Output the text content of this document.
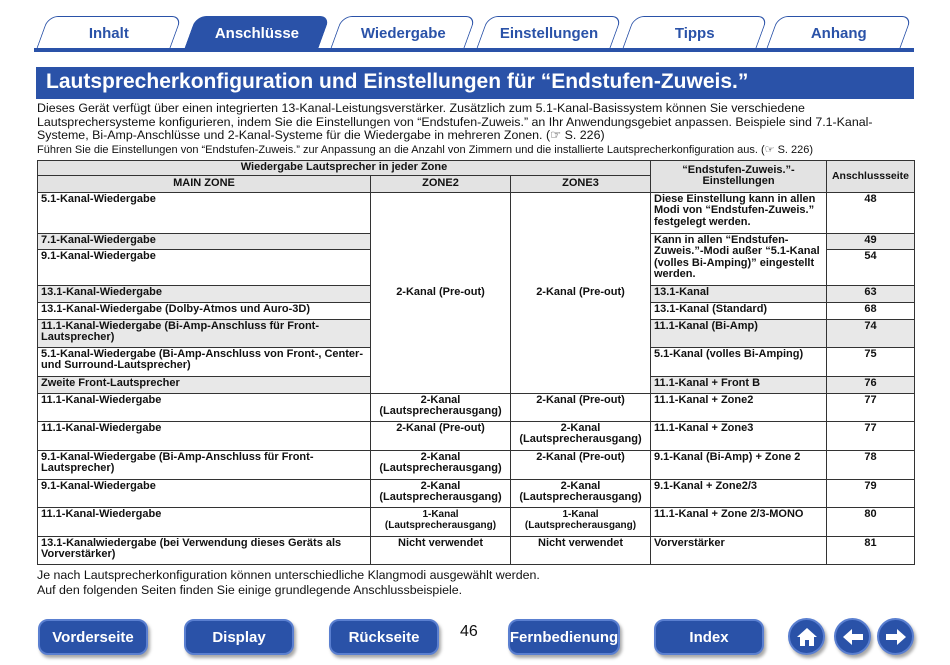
Inhalt	Anschlüsse	Wiedergabe	Einstellungen	Tipps	Anhang
Lautsprecherkonfiguration und Einstellungen für “Endstufen-Zuweis.”
Dieses Gerät verfügt über einen integrierten 13-Kanal-Leistungsverstärker. Zusätzlich zum 5.1-Kanal-Basissystem können Sie verschiedene Lautsprechersysteme konfigurieren, indem Sie die Einstellungen von “Endstufen-Zuweis.” an Ihr Anwendungsgebiet anpassen. Beispiele sind 7.1-Kanal-Systeme, Bi-Amp-Anschlüsse und 2-Kanal-Systeme für die Wiedergabe in mehreren Zonen. (☞ S. 226)
Führen Sie die Einstellungen von “Endstufen-Zuweis.” zur Anpassung an die Anzahl von Zimmern und die installierte Lautsprecherkonfiguration aus. (☞ S. 226)
Wiedergabe Lautsprecher in jeder Zone			“Endstufen-Zuweis.”-Einstellungen	Anschlussseite
MAIN ZONE	ZONE2	ZONE3		
5.1-Kanal-Wiedergabe	2-Kanal (Pre-out)	2-Kanal (Pre-out)	Diese Einstellung kann in allen Modi von “Endstufen-Zuweis.” festgelegt werden.	48
7.1-Kanal-Wiedergabe			Kann in allen “Endstufen-Zuweis.”-Modi außer “5.1-Kanal (volles Bi-Amping)” eingestellt werden.	49
9.1-Kanal-Wiedergabe				54
13.1-Kanal-Wiedergabe			13.1-Kanal	63
13.1-Kanal-Wiedergabe (Dolby-Atmos und Auro-3D)			13.1-Kanal (Standard)	68
11.1-Kanal-Wiedergabe (Bi-Amp-Anschluss für Front-Lautsprecher)			11.1-Kanal (Bi-Amp)	74
5.1-Kanal-Wiedergabe (Bi-Amp-Anschluss von Front-, Center- und Surround-Lautsprecher)			5.1-Kanal (volles Bi-Amping)	75
Zweite Front-Lautsprecher			11.1-Kanal + Front B	76
11.1-Kanal-Wiedergabe	2-Kanal (Lautsprecherausgang)	2-Kanal (Pre-out)	11.1-Kanal + Zone2	77
11.1-Kanal-Wiedergabe	2-Kanal (Pre-out)	2-Kanal (Lautsprecherausgang)	11.1-Kanal + Zone3	77
9.1-Kanal-Wiedergabe (Bi-Amp-Anschluss für Front-Lautsprecher)	2-Kanal (Lautsprecherausgang)	2-Kanal (Pre-out)	9.1-Kanal (Bi-Amp) + Zone 2	78
9.1-Kanal-Wiedergabe	2-Kanal (Lautsprecherausgang)	2-Kanal (Lautsprecherausgang)	9.1-Kanal + Zone2/3	79
11.1-Kanal-Wiedergabe	1-Kanal (Lautsprecherausgang)	1-Kanal (Lautsprecherausgang)	11.1-Kanal + Zone 2/3-MONO	80
13.1-Kanalwiedergabe (bei Verwendung dieses Geräts als Vorverstärker)	Nicht verwendet	Nicht verwendet	Vorverstärker	81
Je nach Lautsprecherkonfiguration können unterschiedliche Klangmodi ausgewählt werden.
Auf den folgenden Seiten finden Sie einige grundlegende Anschlussbeispiele.
Vorderseite	Display	Rückseite	46 Fernbedienung	Index
